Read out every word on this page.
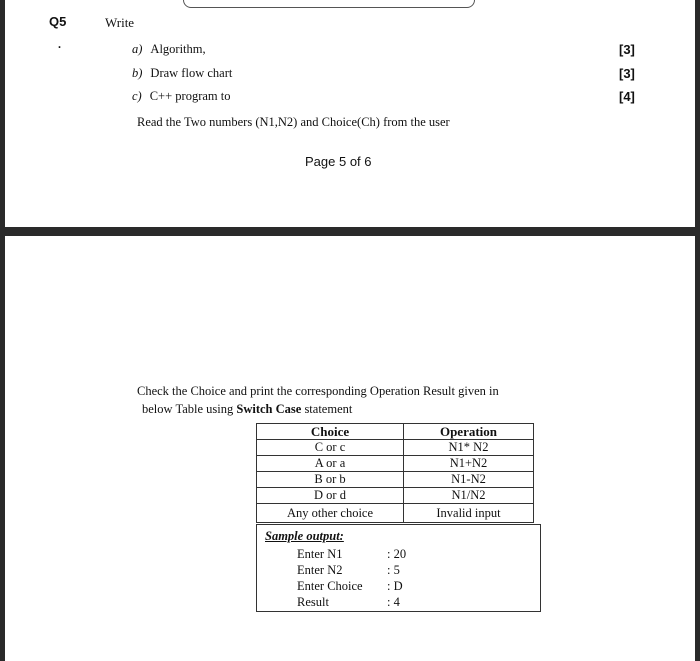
Q5	Write
.	a) Algorithm,	[3]
b) Draw flow chart	[3]
c) C++ program to	[4]
Read the Two numbers (N1,N2) and Choice(Ch) from the user
Page 5 of 6
Check the Choice and print the corresponding Operation Result given in
below Table using Switch Case statement
Choice	Operation
C or c	N1* N2
A or a	N1+N2
B or b	N1-N2
D or d	N1/N2
Any other choice	Invalid input
Sample output:
Enter N1	: 20
Enter N2	: 5
Enter Choice : D
Result	: 4
